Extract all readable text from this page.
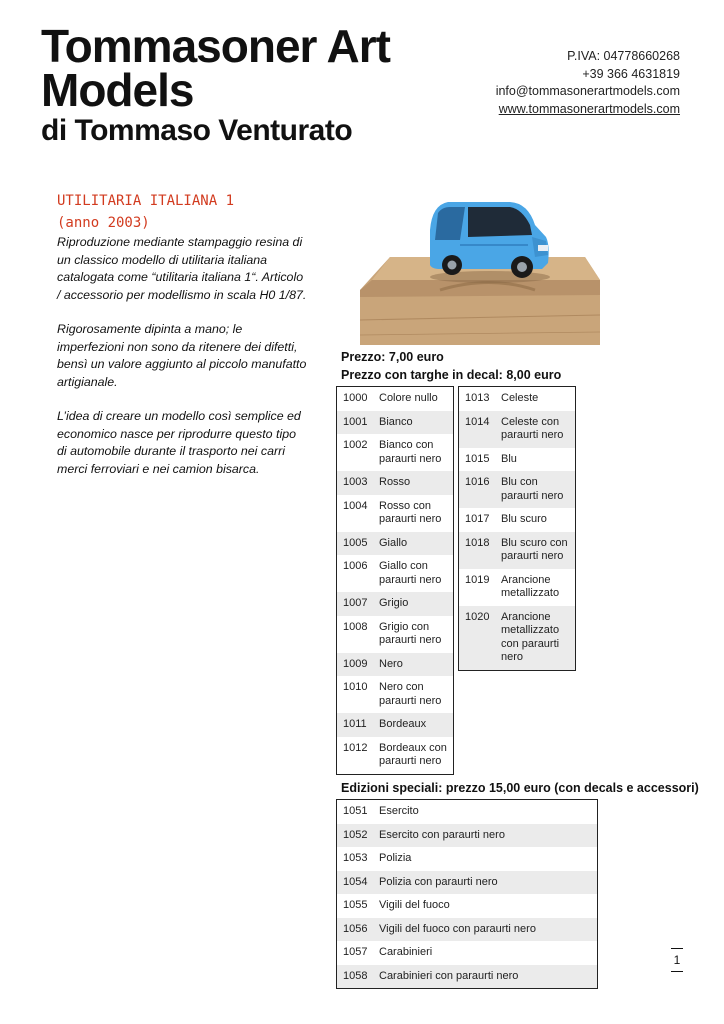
Tommasoner Art
Models
di Tommaso Venturato
P.IVA: 04778660268
+39 366 4631819
info@tommasonerartmodels.com
www.tommasonerartmodels.com
UTILITARIA ITALIANA 1
(anno 2003)

Riproduzione mediante stampaggio resina di un classico modello di utilitaria italiana catalogata come “utilitaria italiana 1“. Articolo / accessorio per modellismo in scala H0 1/87.

Rigorosamente dipinta a mano; le imperfezioni non sono da ritenere dei difetti, bensì un valore aggiunto al piccolo manufatto artigianale.

L’idea di creare un modello così semplice ed economico nasce per riprodurre questo tipo di automobile durante il trasporto nei carri merci ferroviari e nei camion bisarca.

Prezzo: 7,00 euro
Prezzo con targhe in decal: 8,00 euro
1000	Colore nullo
1001	Bianco
1002	Bianco con paraurti nero
1003	Rosso
1004	Rosso con paraurti nero
1005	Giallo
1006	Giallo con paraurti nero
1007	Grigio
1008	Grigio con paraurti nero
1009	Nero
1010	Nero con paraurti nero
1011	Bordeaux
1012	Bordeaux con paraurti nero
1013	Celeste
1014	Celeste con paraurti nero
1015	Blu
1016	Blu con paraurti nero
1017	Blu scuro
1018	Blu scuro con paraurti nero
1019	Arancione metallizzato
1020	Arancione metallizzato con paraurti nero
Edizioni speciali: prezzo 15,00 euro (con decals e accessori)
1051	Esercito
1052	Esercito con paraurti nero
1053	Polizia
1054	Polizia con paraurti nero
1055	Vigili del fuoco
1056	Vigili del fuoco con paraurti nero
1057	Carabinieri
1058	Carabinieri con paraurti nero
1
